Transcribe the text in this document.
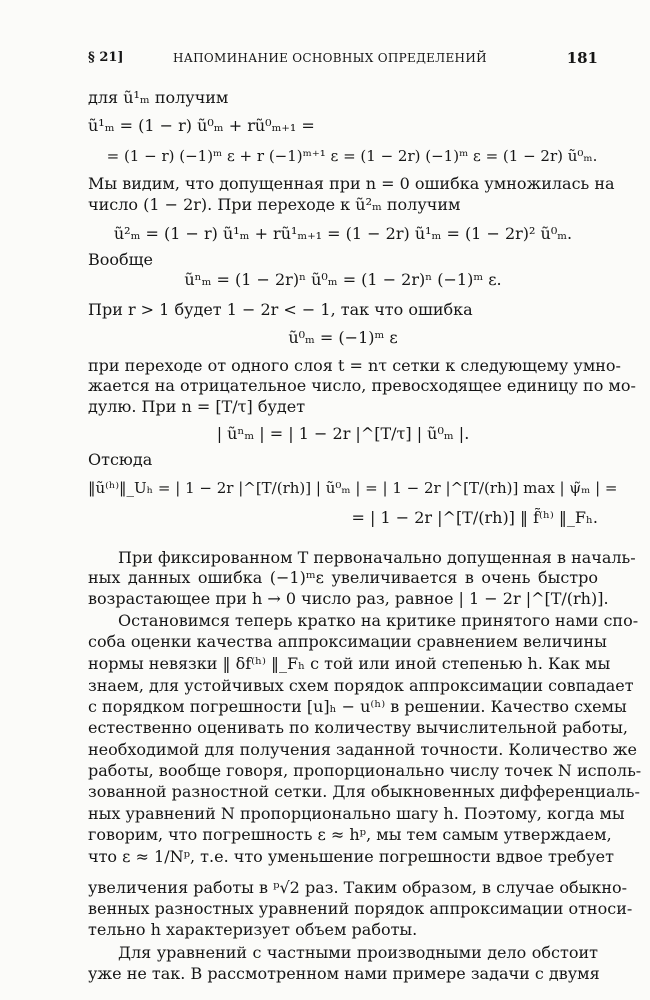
§ 21]	НАПОМИНАНИЕ ОСНОВНЫХ ОПРЕДЕЛЕНИЙ	181
для ũ¹ₘ получим
ũ¹ₘ = (1 − r) ũ⁰ₘ + rũ⁰ₘ₊₁ =
= (1 − r) (−1)ᵐ ε + r (−1)ᵐ⁺¹ ε = (1 − 2r) (−1)ᵐ ε = (1 − 2r) ũ⁰ₘ.
Мы видим, что допущенная при n = 0 ошибка умножилась на
число (1 − 2r). При переходе к ũ²ₘ получим
ũ²ₘ = (1 − r) ũ¹ₘ + rũ¹ₘ₊₁ = (1 − 2r) ũ¹ₘ = (1 − 2r)² ũ⁰ₘ.
Вообще
ũⁿₘ = (1 − 2r)ⁿ ũ⁰ₘ = (1 − 2r)ⁿ (−1)ᵐ ε.
При r > 1 будет 1 − 2r < − 1, так что ошибка
ũ⁰ₘ = (−1)ᵐ ε
при переходе от одного слоя t = nτ сетки к следующему умно-
жается на отрицательное число, превосходящее единицу по мо-
дулю. При n = [T/τ] будет
| ũⁿₘ | = | 1 − 2r |^[T/τ] | ũ⁰ₘ |.
Отсюда
‖ũ⁽ʰ⁾‖_Uₕ = | 1 − 2r |^[T/(rh)] | ũ⁰ₘ | = | 1 − 2r |^[T/(rh)] max | ψ̃ₘ | =
= | 1 − 2r |^[T/(rh)] ‖ f̃⁽ʰ⁾ ‖_Fₕ.
При фиксированном T первоначально допущенная в началь-
ных данных ошибка (−1)ᵐε увеличивается в очень быстро
возрастающее при h → 0 число раз, равное | 1 − 2r |^[T/(rh)].
Остановимся теперь кратко на критике принятого нами спо-
соба оценки качества аппроксимации сравнением величины
нормы невязки ‖ δf⁽ʰ⁾ ‖_Fₕ с той или иной степенью h. Как мы
знаем, для устойчивых схем порядок аппроксимации совпадает
с порядком погрешности [u]ₕ − u⁽ʰ⁾ в решении. Качество схемы
естественно оценивать по количеству вычислительной работы,
необходимой для получения заданной точности. Количество же
работы, вообще говоря, пропорционально числу точек N исполь-
зованной разностной сетки. Для обыкновенных дифференциаль-
ных уравнений N пропорционально шагу h. Поэтому, когда мы
говорим, что погрешность ε ≈ hᵖ, мы тем самым утверждаем,
что ε ≈ 1/Nᵖ, т.е. что уменьшение погрешности вдвое требует
увеличения работы в ᵖ√2 раз. Таким образом, в случае обыкно-
венных разностных уравнений порядок аппроксимации относи-
тельно h характеризует объем работы.
Для уравнений с частными производными дело обстоит
уже не так. В рассмотренном нами примере задачи с двумя
